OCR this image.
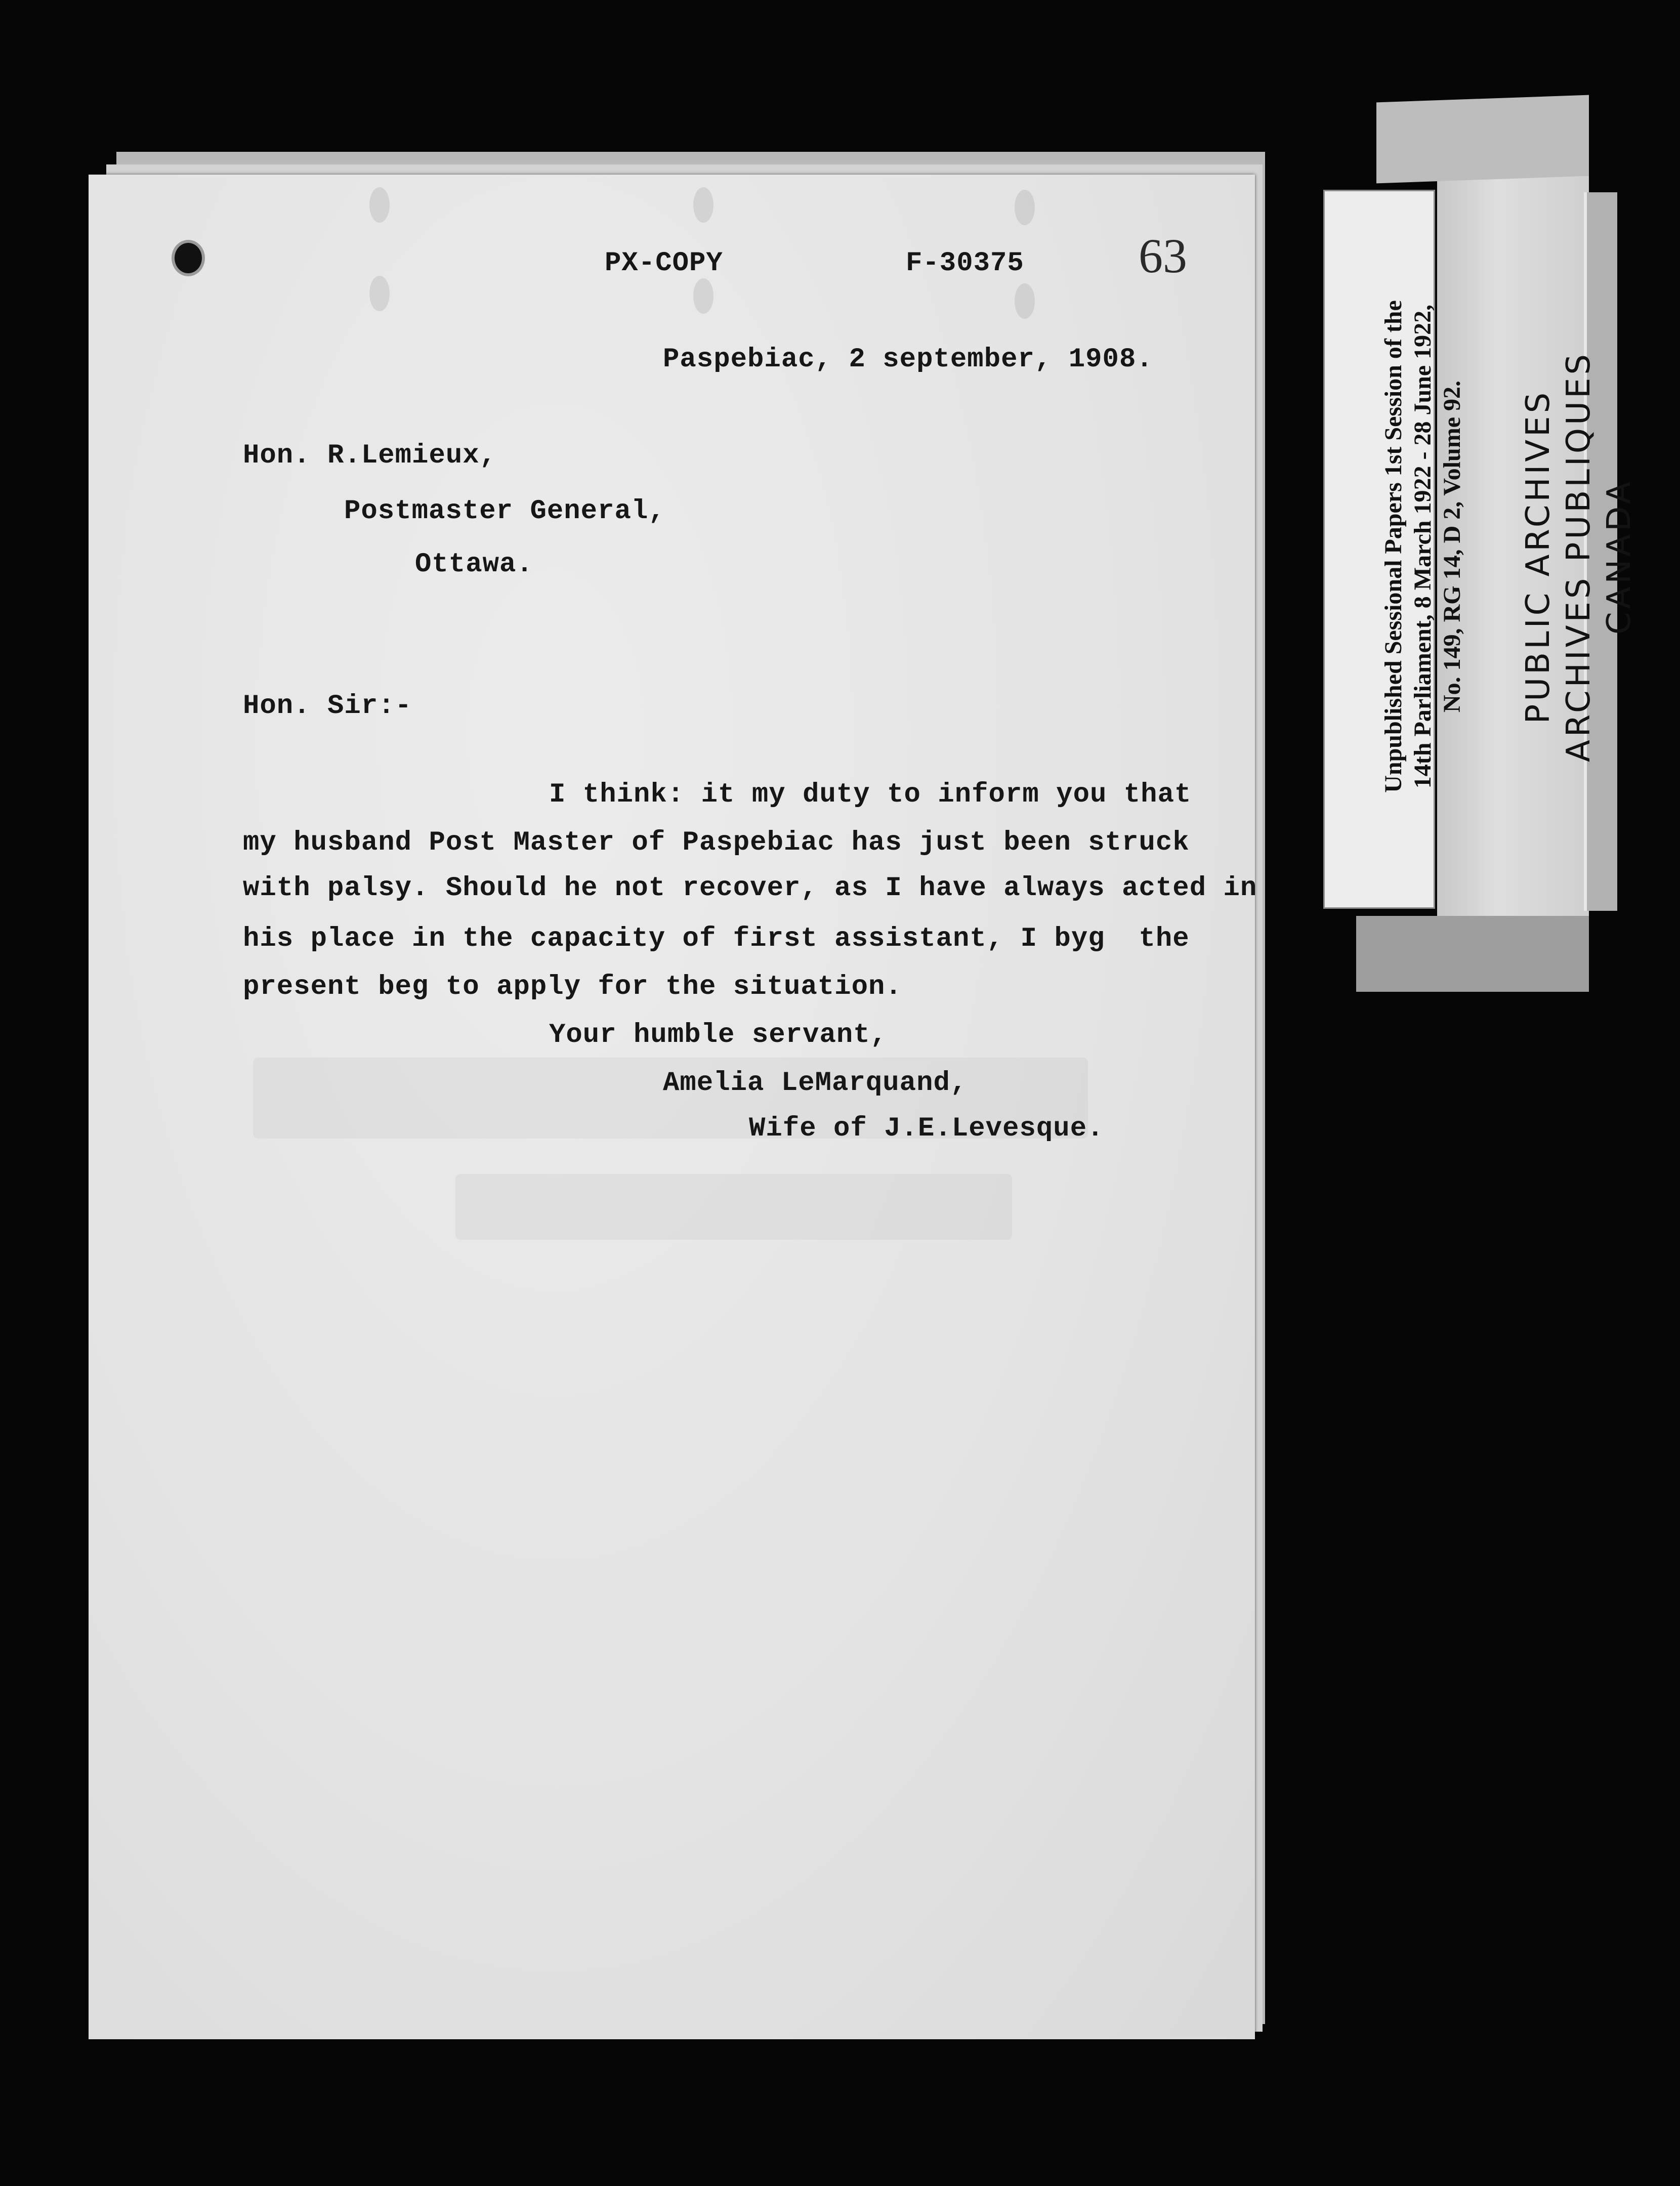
PX-COPY	F-30375 63

Paspebiac, 2 september, 1908.

Hon. R.Lemieux,

Postmaster General,

Ottawa.

Hon. Sir:-

I think: it my duty to inform you that

my husband Post Master of Paspebiac has just been struck

with palsy. Should he not recover, as I have always acted in

his place in the capacity of first assistant, I byg  the

present beg to apply for the situation.

Your humble servant,

Amelia LeMarquand,

Wife of J.E.Levesque.

Unpublished Sessional Papers 1st Session of the 14th Parliament, 8 March 1922 - 28 June 1922, No. 149, RG 14, D 2, Volume 92. PUBLIC ARCHIVES ARCHIVES PUBLIQUES CANADA
